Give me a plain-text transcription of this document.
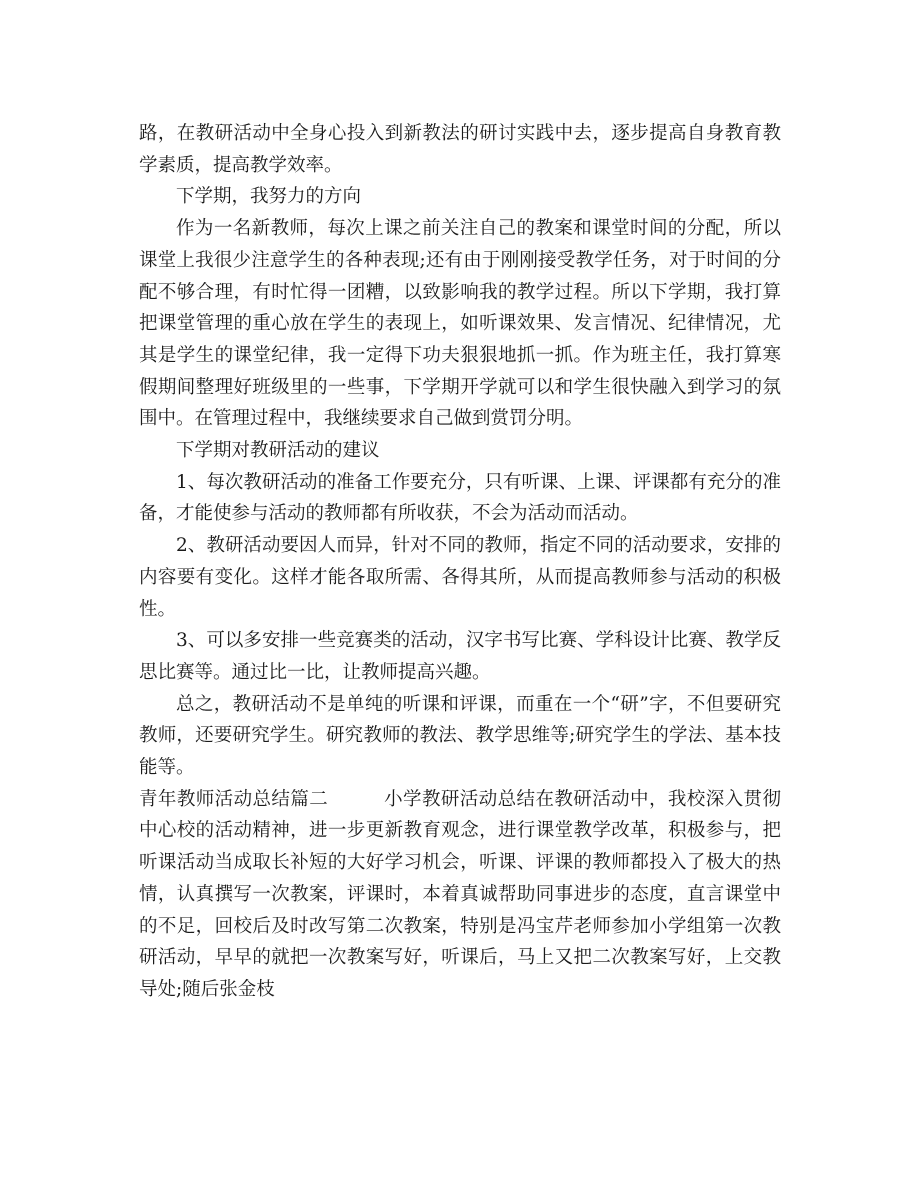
路，在教研活动中全身心投入到新教法的研讨实践中去，逐步提高自身教育教学素质，提高教学效率。

下学期，我努力的方向

作为一名新教师，每次上课之前关注自己的教案和课堂时间的分配，所以课堂上我很少注意学生的各种表现;还有由于刚刚接受教学任务，对于时间的分配不够合理，有时忙得一团糟，以致影响我的教学过程。所以下学期，我打算把课堂管理的重心放在学生的表现上，如听课效果、发言情况、纪律情况，尤其是学生的课堂纪律，我一定得下功夫狠狠地抓一抓。作为班主任，我打算寒假期间整理好班级里的一些事，下学期开学就可以和学生很快融入到学习的氛围中。在管理过程中，我继续要求自己做到赏罚分明。

下学期对教研活动的建议

1、每次教研活动的准备工作要充分，只有听课、上课、评课都有充分的准备，才能使参与活动的教师都有所收获，不会为活动而活动。

2、教研活动要因人而异，针对不同的教师，指定不同的活动要求，安排的内容要有变化。这样才能各取所需、各得其所，从而提高教师参与活动的积极性。

3、可以多安排一些竞赛类的活动，汉字书写比赛、学科设计比赛、教学反思比赛等。通过比一比，让教师提高兴趣。

总之，教研活动不是单纯的听课和评课，而重在一个“研”字，不但要研究教师，还要研究学生。研究教师的教法、教学思维等;研究学生的学法、基本技能等。

青年教师活动总结篇二	小学教研活动总结在教研活动中，我校深入贯彻中心校的活动精神，进一步更新教育观念，进行课堂教学改革，积极参与，把听课活动当成取长补短的大好学习机会，听课、评课的教师都投入了极大的热情，认真撰写一次教案，评课时，本着真诚帮助同事进步的态度，直言课堂中的不足，回校后及时改写第二次教案，特别是冯宝芹老师参加小学组第一次教研活动，早早的就把一次教案写好，听课后，马上又把二次教案写好，上交教导处;随后张金枝
